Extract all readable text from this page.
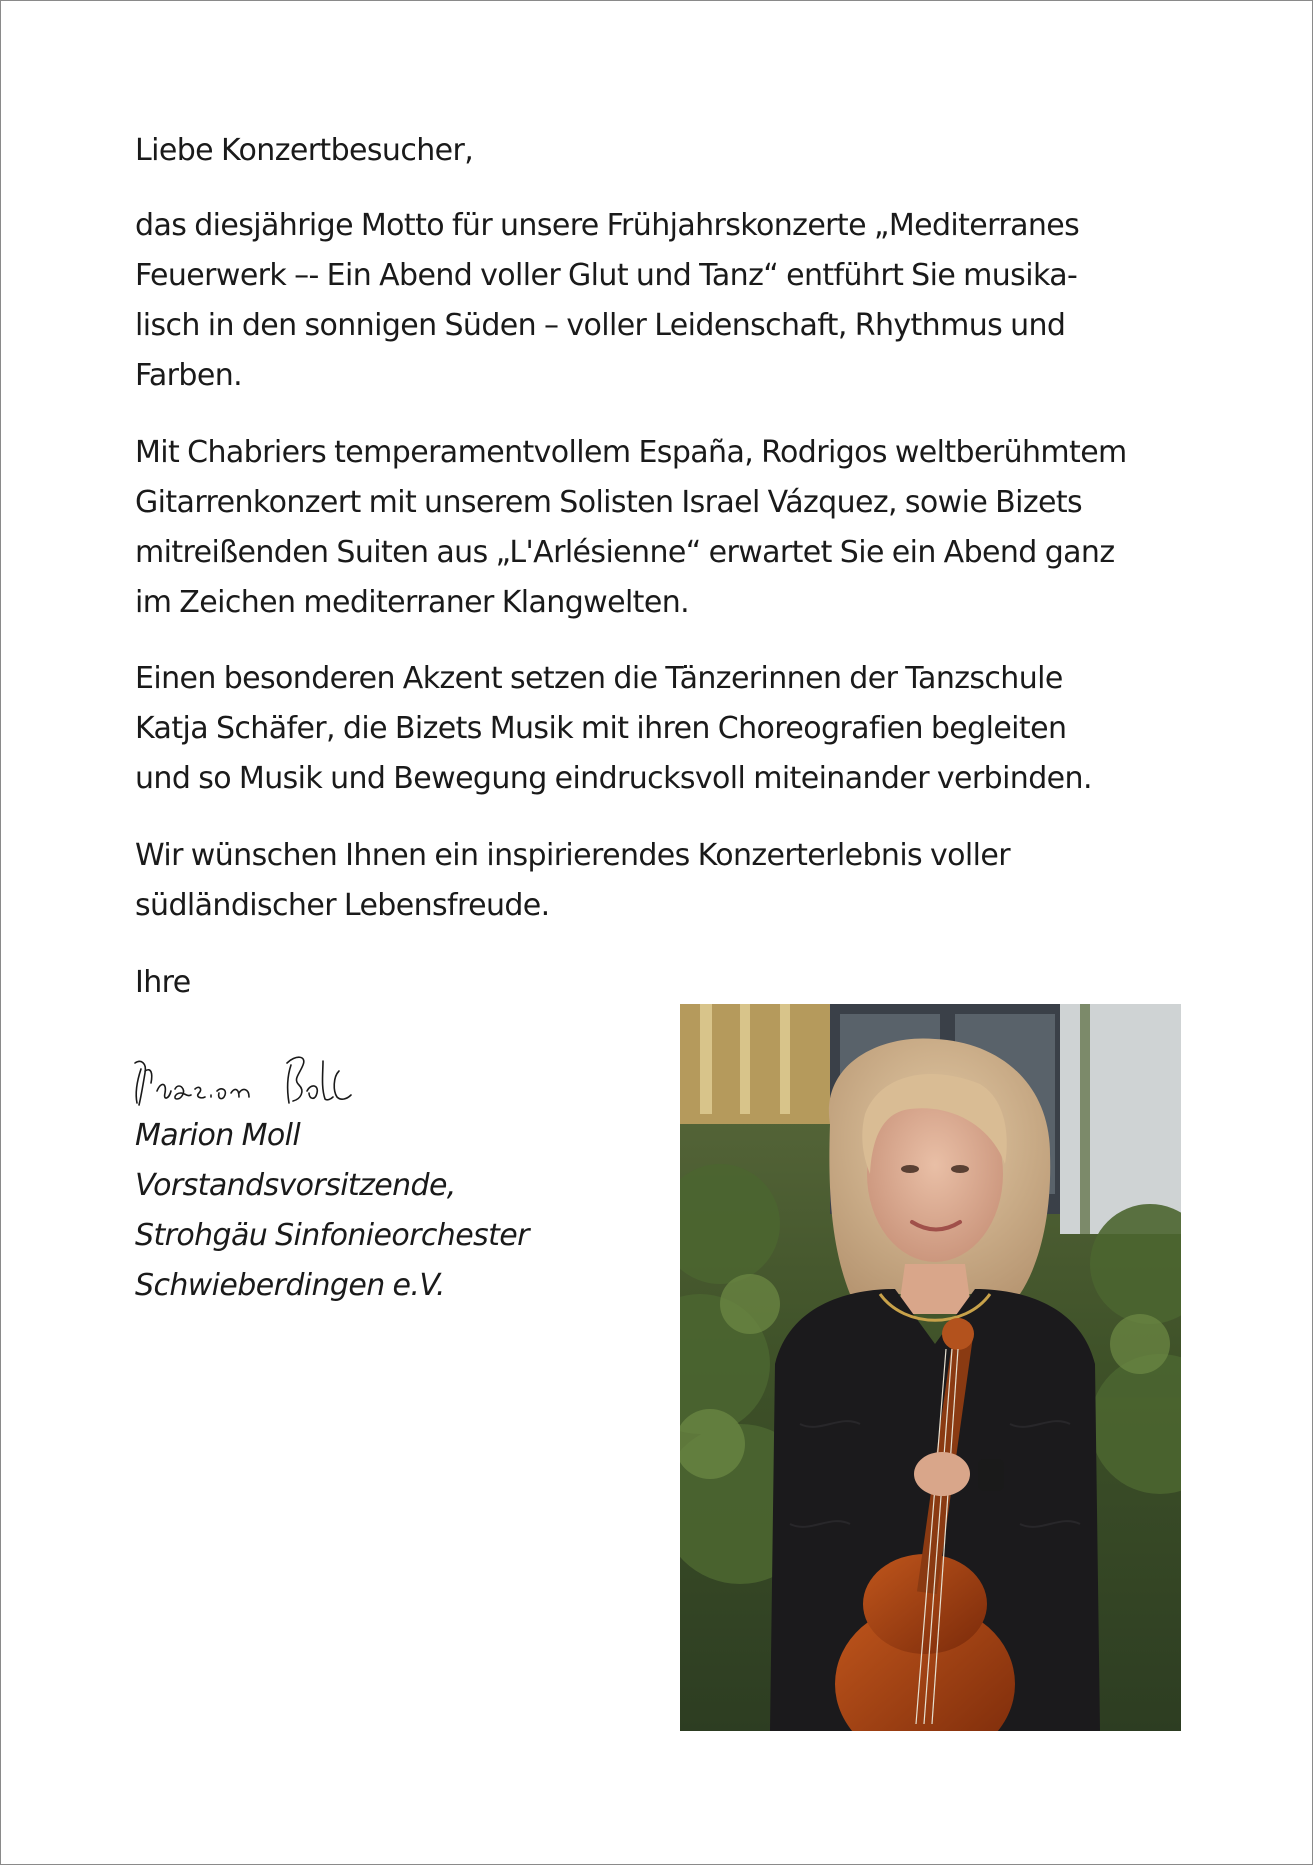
Liebe Konzertbesucher,

das diesjährige Motto für unsere Frühjahrskonzerte „Mediterranes

Feuerwerk –- Ein Abend voller Glut und Tanz“ entführt Sie musika-

lisch in den sonnigen Süden – voller Leidenschaft, Rhythmus und

Farben.

Mit Chabriers temperamentvollem España, Rodrigos weltberühmtem

Gitarrenkonzert mit unserem Solisten Israel Vázquez, sowie Bizets

mitreißenden Suiten aus „L'Arlésienne“ erwartet Sie ein Abend ganz

im Zeichen mediterraner Klangwelten.

Einen besonderen Akzent setzen die Tänzerinnen der Tanzschule

Katja Schäfer, die Bizets Musik mit ihren Choreografien begleiten

und so Musik und Bewegung eindrucksvoll miteinander verbinden.

Wir wünschen Ihnen ein inspirierendes Konzerterlebnis voller

südländischer Lebensfreude.

Ihre

Marion Moll

Vorstandsvorsitzende,

Strohgäu Sinfonieorchester

Schwieberdingen e.V.
